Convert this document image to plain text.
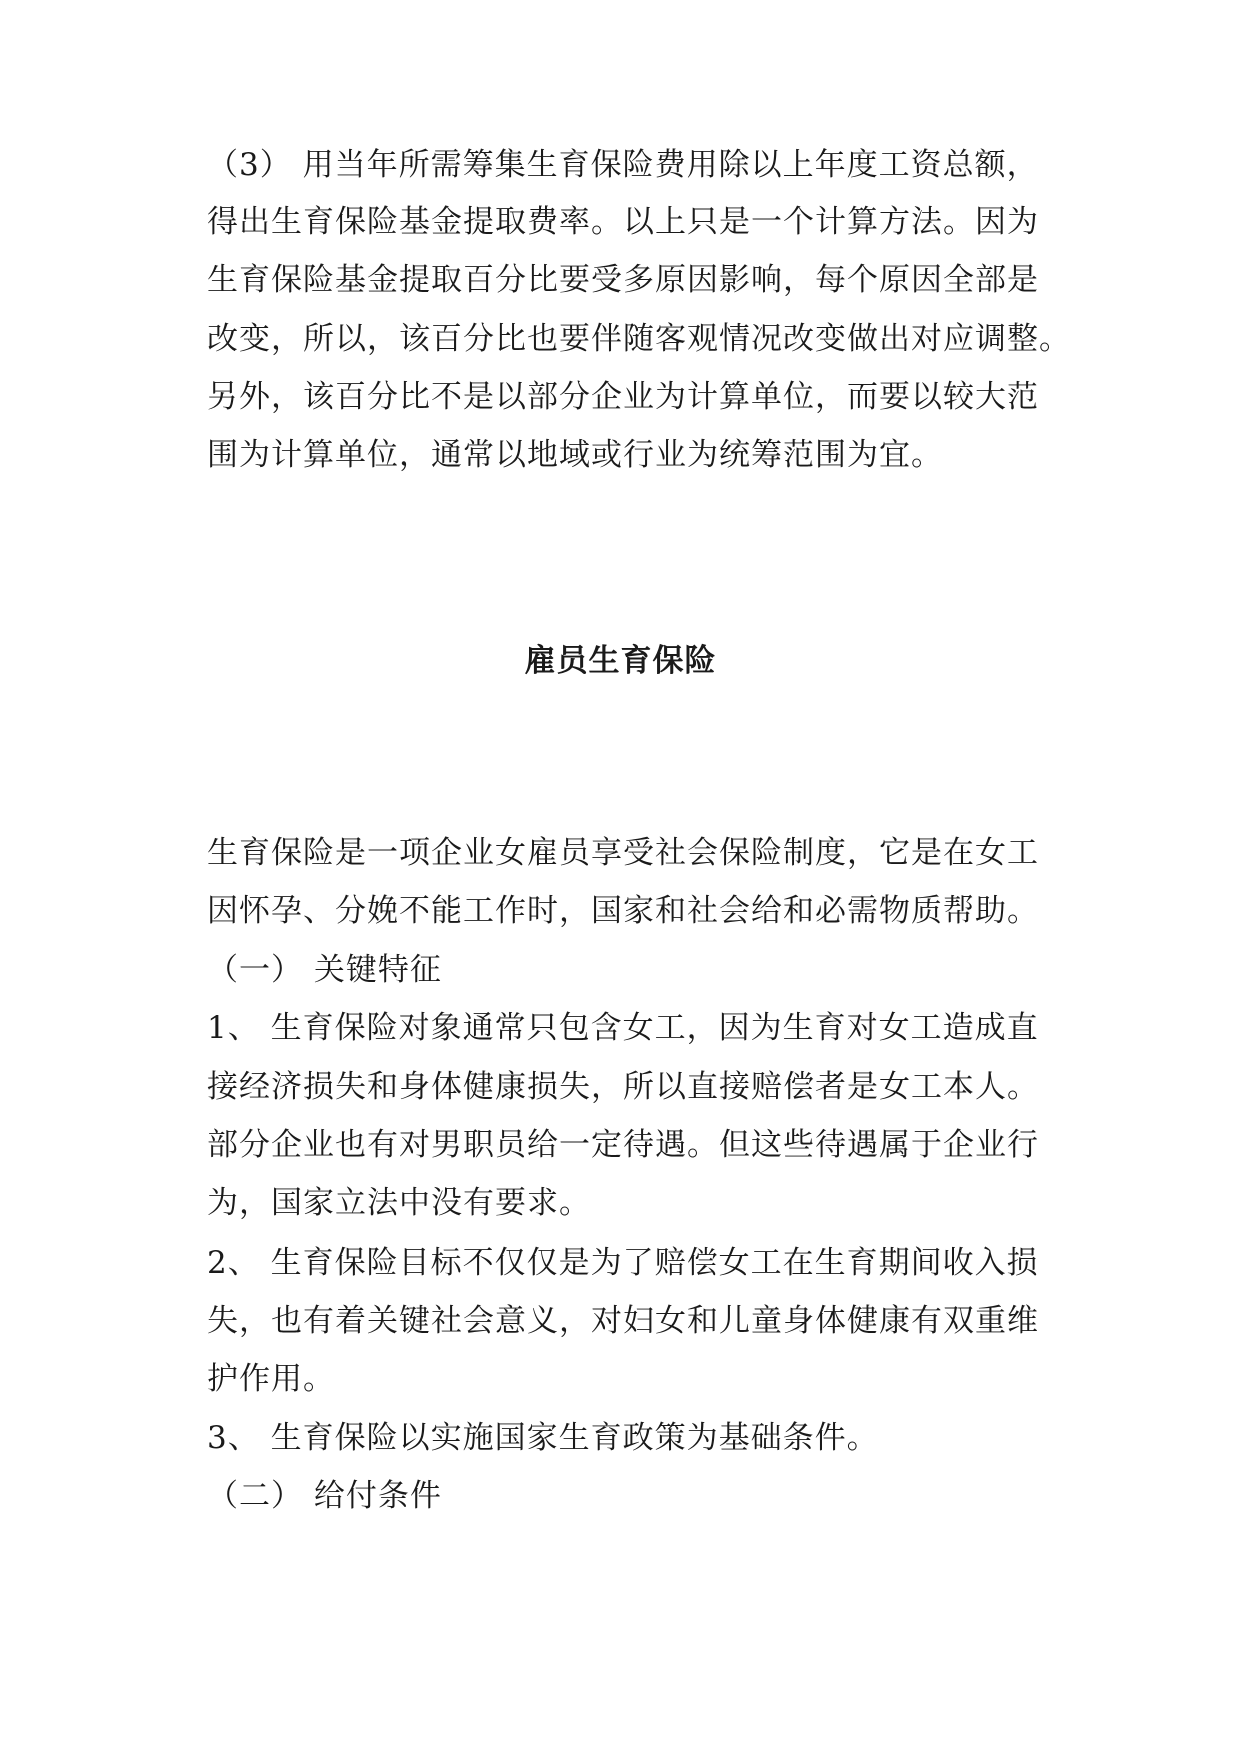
（3） 用当年所需筹集生育保险费用除以上年度工资总额，
得出生育保险基金提取费率。以上只是一个计算方法。因为
生育保险基金提取百分比要受多原因影响，每个原因全部是
改变，所以，该百分比也要伴随客观情况改变做出对应调整。
另外，该百分比不是以部分企业为计算单位，而要以较大范
围为计算单位，通常以地域或行业为统筹范围为宜。
雇员生育保险
生育保险是一项企业女雇员享受社会保险制度，它是在女工
因怀孕、分娩不能工作时，国家和社会给和必需物质帮助。
（一） 关键特征
1、 生育保险对象通常只包含女工，因为生育对女工造成直
接经济损失和身体健康损失，所以直接赔偿者是女工本人。
部分企业也有对男职员给一定待遇。但这些待遇属于企业行
为，国家立法中没有要求。
2、 生育保险目标不仅仅是为了赔偿女工在生育期间收入损
失，也有着关键社会意义，对妇女和儿童身体健康有双重维
护作用。
3、 生育保险以实施国家生育政策为基础条件。
（二） 给付条件
